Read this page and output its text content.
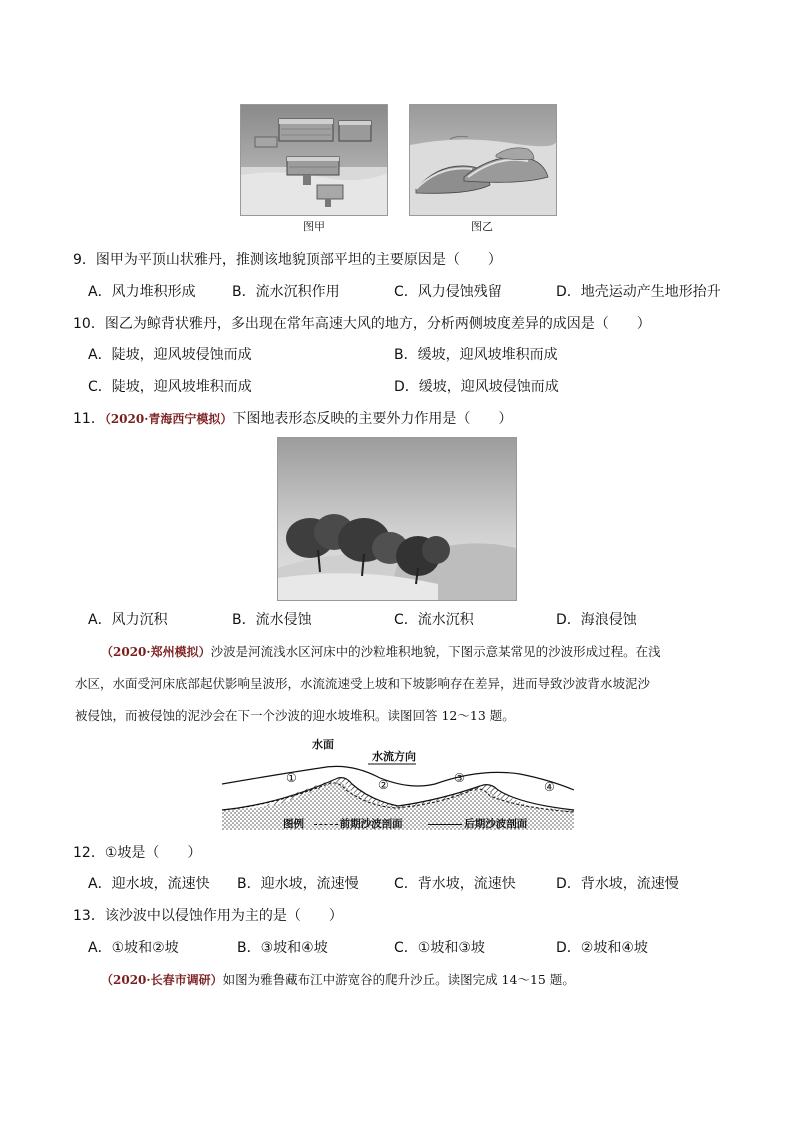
图甲	图乙
9．图甲为平顶山状雅丹，推测该地貌顶部平坦的主要原因是（　　）
A．风力堆积形成	B．流水沉积作用	C．风力侵蚀残留	D．地壳运动产生地形抬升
10．图乙为鲸背状雅丹，多出现在常年高速大风的地方，分析两侧坡度差异的成因是（　　）
A．陡坡，迎风坡侵蚀而成	B．缓坡，迎风坡堆积而成
C．陡坡，迎风坡堆积而成	D．缓坡，迎风坡侵蚀而成
11．（2020·青海西宁模拟）下图地表形态反映的主要外力作用是（　　）
A．风力沉积	B．流水侵蚀	C．流水沉积	D．海浪侵蚀
（2020·郑州模拟）沙波是河流浅水区河床中的沙粒堆积地貌，下图示意某常见的沙波形成过程。在浅
水区，水面受河床底部起伏影响呈波形，水流流速受上坡和下坡影响存在差异，进而导致沙波背水坡泥沙
被侵蚀，而被侵蚀的泥沙会在下一个沙波的迎水坡堆积。读图回答 12～13 题。
水面
水流方向
①	②	③
④
图例	前期沙波剖面	后期沙波剖面
12．①坡是（　　）
A．迎水坡，流速快 B．迎水坡，流速慢	C．背水坡，流速快	D．背水坡，流速慢
13．该沙波中以侵蚀作用为主的是（　　）
A．①坡和②坡	B．③坡和④坡	C．①坡和③坡	D．②坡和④坡
（2020·长春市调研）如图为雅鲁藏布江中游宽谷的爬升沙丘。读图完成 14～15 题。
